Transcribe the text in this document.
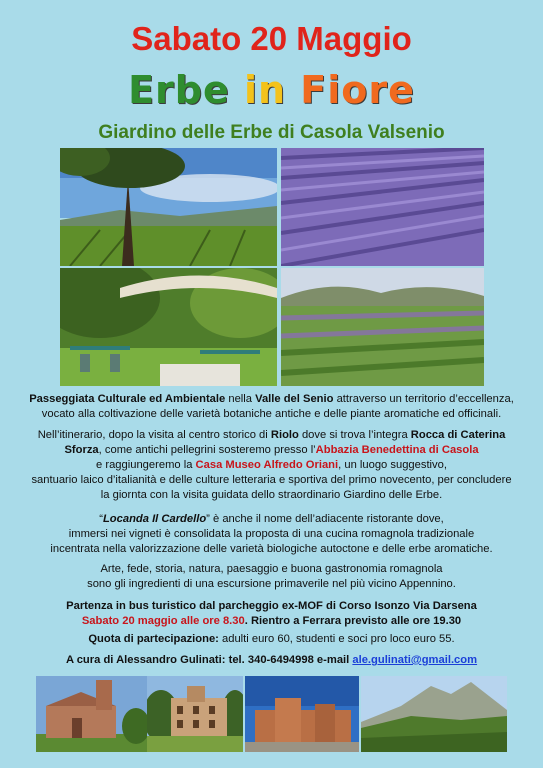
Sabato 20 Maggio
Erbe in Fiore
Giardino delle Erbe di Casola Valsenio
Passeggiata Culturale ed Ambientale nella Valle del Senio attraverso un territorio d’eccellenza,
vocato alla coltivazione delle varietà botaniche antiche e delle piante aromatiche ed officinali.
Nell’itinerario, dopo la visita al centro storico di Riolo dove si trova l’integra Rocca di Caterina
Sforza, come antichi pellegrini sosteremo presso l’Abbazia Benedettina di Casola
e raggiungeremo la Casa Museo Alfredo Oriani, un luogo suggestivo,
santuario laico d’italianità e delle culture letteraria e sportiva del primo novecento, per concludere
la giornta con la visita guidata dello straordinario Giardino delle Erbe.
“Locanda Il Cardello” è anche il nome dell’adiacente ristorante dove,
immersi nei vigneti è consolidata la proposta di una cucina romagnola tradizionale
incentrata nella valorizzazione delle varietà biologiche autoctone e delle erbe aromatiche.
Arte, fede, storia, natura, paesaggio e buona gastronomia romagnola
sono gli ingredienti di una escursione primaverile nel più vicino Appennino.
Partenza in bus turistico dal parcheggio ex-MOF di Corso Isonzo Via Darsena
Sabato 20 maggio alle ore 8.30. Rientro a Ferrara previsto alle ore 19.30
Quota di partecipazione: adulti euro 60, studenti e soci pro loco euro 55.
A cura di Alessandro Gulinati: tel. 340-6494998 e-mail ale.gulinati@gmail.com
